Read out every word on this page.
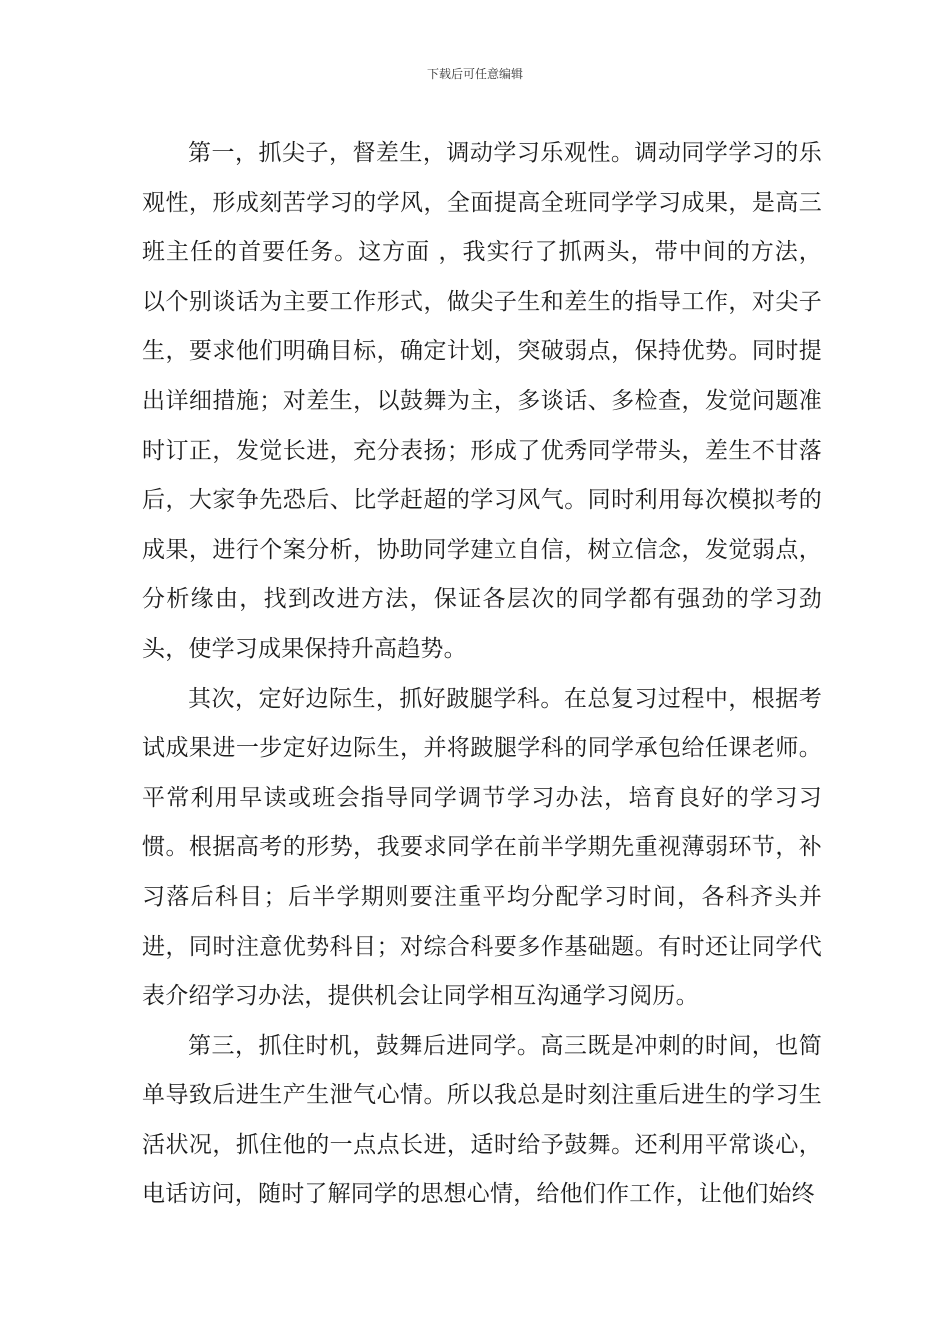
下载后可任意编辑

第一，抓尖子，督差生，调动学习乐观性。调动同学学习的乐观性，形成刻苦学习的学风，全面提高全班同学学习成果，是高三班主任的首要任务。这方面 ，我实行了抓两头，带中间的方法，以个别谈话为主要工作形式，做尖子生和差生的指导工作，对尖子生，要求他们明确目标，确定计划，突破弱点，保持优势。同时提出详细措施；对差生，以鼓舞为主，多谈话、多检查，发觉问题准时订正，发觉长进，充分表扬；形成了优秀同学带头，差生不甘落后，大家争先恐后、比学赶超的学习风气。同时利用每次模拟考的成果，进行个案分析，协助同学建立自信，树立信念，发觉弱点，分析缘由，找到改进方法，保证各层次的同学都有强劲的学习劲头，使学习成果保持升高趋势。

其次，定好边际生，抓好跛腿学科。在总复习过程中，根据考试成果进一步定好边际生，并将跛腿学科的同学承包给任课老师。平常利用早读或班会指导同学调节学习办法，培育良好的学习习惯。根据高考的形势，我要求同学在前半学期先重视薄弱环节，补习落后科目；后半学期则要注重平均分配学习时间，各科齐头并进，同时注意优势科目；对综合科要多作基础题。有时还让同学代表介绍学习办法，提供机会让同学相互沟通学习阅历。

第三，抓住时机，鼓舞后进同学。高三既是冲刺的时间，也简单导致后进生产生泄气心情。所以我总是时刻注重后进生的学习生活状况，抓住他的一点点长进，适时给予鼓舞。还利用平常谈心，电话访问，随时了解同学的思想心情，给他们作工作，让他们始终
